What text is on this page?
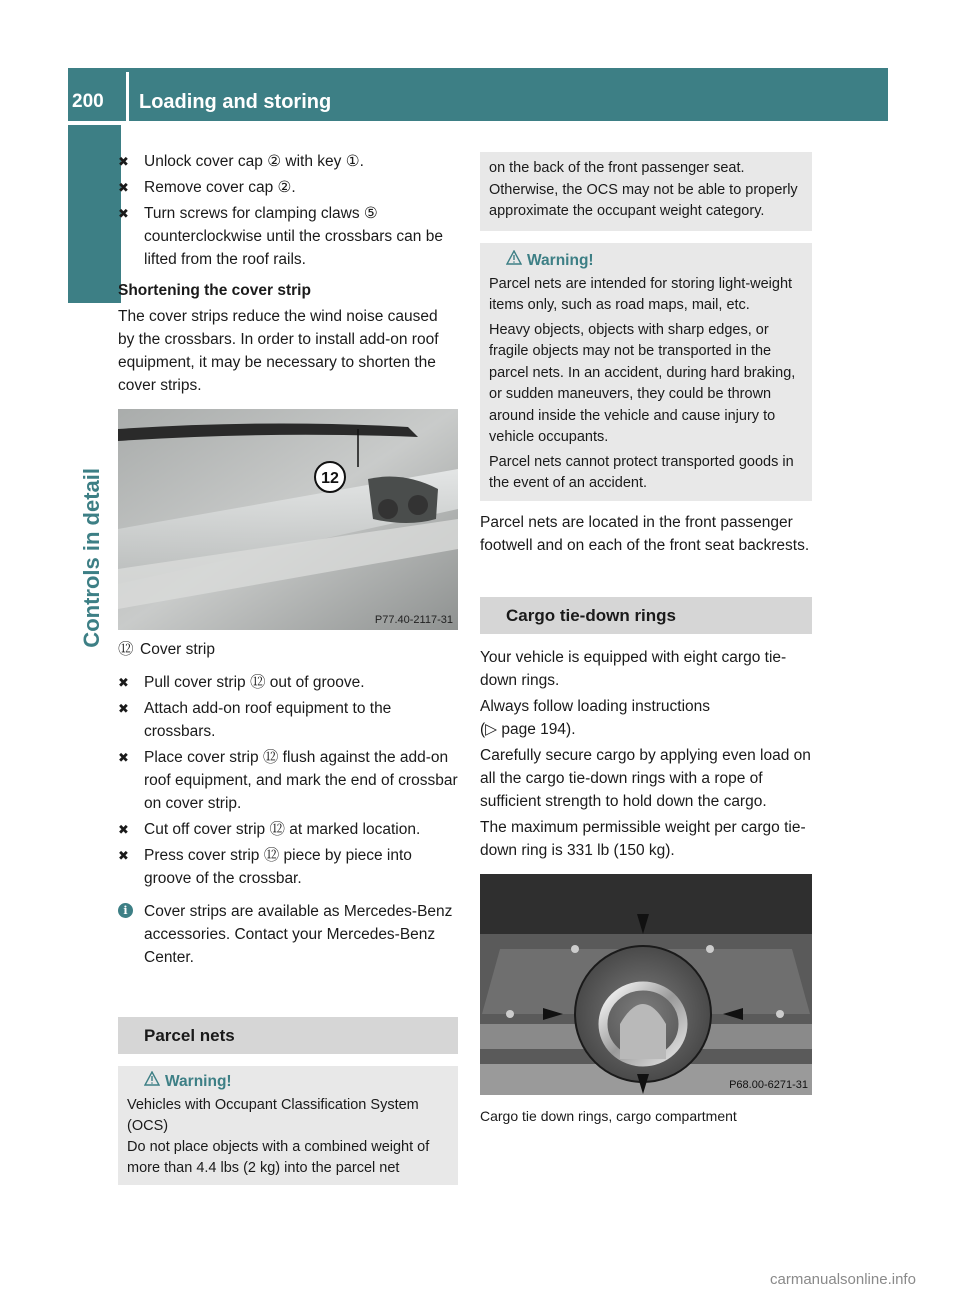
200 Loading and storing
Controls in detail
✖ Unlock cover cap ② with key ①.
✖ Remove cover cap ②.
✖ Turn screws for clamping claws ⑤ counterclockwise until the crossbars can be lifted from the roof rails.

Shortening the cover strip

The cover strips reduce the wind noise caused by the crossbars. In order to install add-on roof equipment, it may be necessary to shorten the cover strips.

12
P77.40-2117-31

⑫ Cover strip

✖ Pull cover strip ⑫ out of groove.
✖ Attach add-on roof equipment to the crossbars.
✖ Place cover strip ⑫ flush against the add-on roof equipment, and mark the end of crossbar on cover strip.
✖ Cut off cover strip ⑫ at marked location.
✖ Press cover strip ⑫ piece by piece into groove of the crossbar.
i	Cover strips are available as Mercedes-Benz accessories. Contact your Mercedes-Benz Center.
Parcel nets
Warning!

Vehicles with Occupant Classification System (OCS)

Do not place objects with a combined weight of more than 4.4 lbs (2 kg) into the parcel net

on the back of the front passenger seat. Otherwise, the OCS may not be able to properly approximate the occupant weight category.

Warning!

Parcel nets are intended for storing light-weight items only, such as road maps, mail, etc.

Heavy objects, objects with sharp edges, or fragile objects may not be transported in the parcel nets. In an accident, during hard braking, or sudden maneuvers, they could be thrown around inside the vehicle and cause injury to vehicle occupants.

Parcel nets cannot protect transported goods in the event of an accident.

Parcel nets are located in the front passenger footwell and on each of the front seat backrests.

Cargo tie-down rings

Your vehicle is equipped with eight cargo tie-down rings.

Always follow loading instructions
(▷ page 194).

Carefully secure cargo by applying even load on all the cargo tie-down rings with a rope of sufficient strength to hold down the cargo.

The maximum permissible weight per cargo tie-down ring is 331 lb (150 kg).

P68.00-6271-31

Cargo tie down rings, cargo compartment

carmanualsonline.info
